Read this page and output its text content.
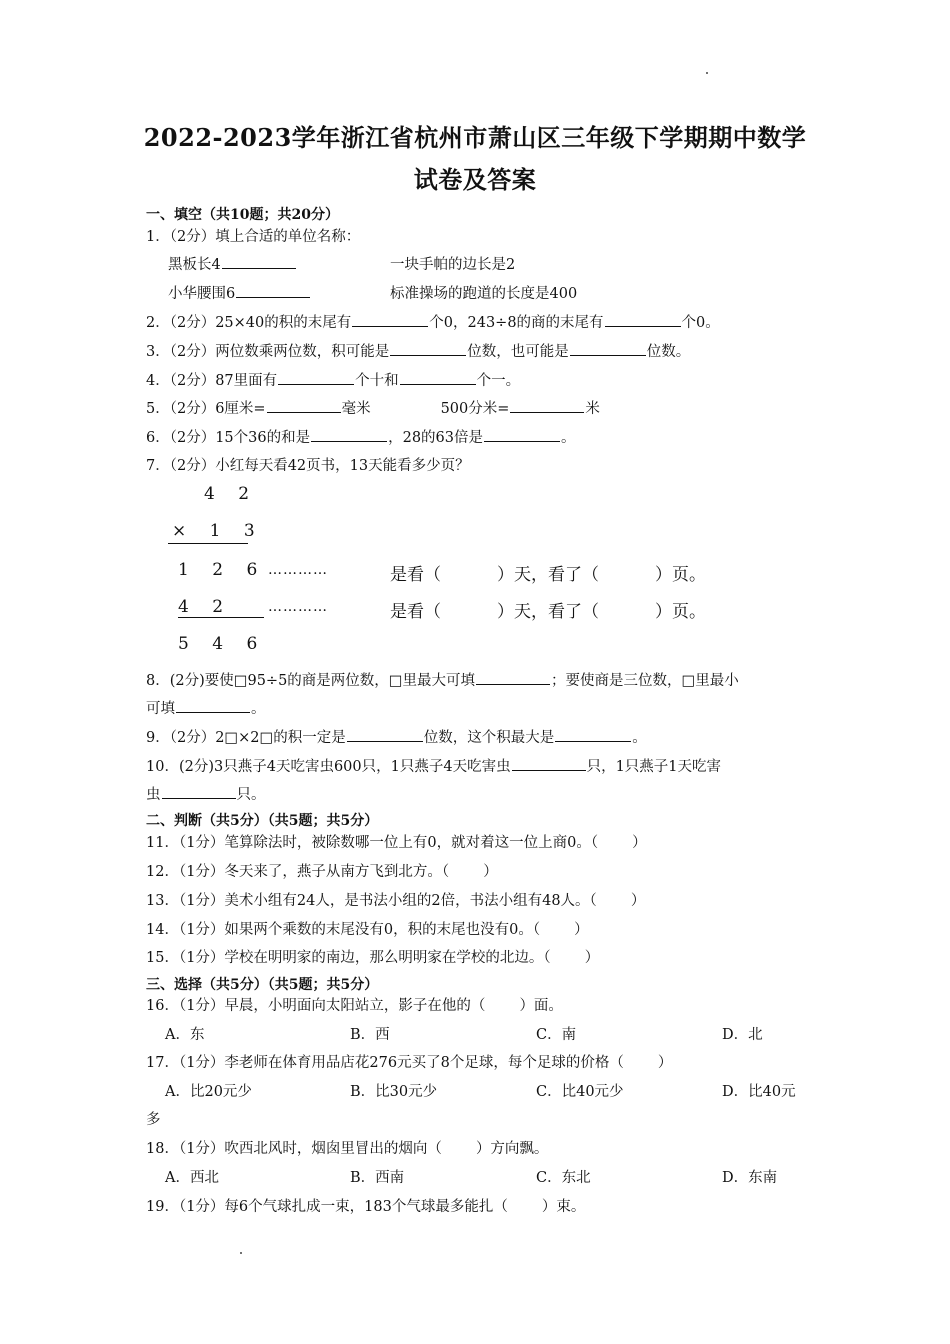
2022-2023学年浙江省杭州市萧山区三年级下学期期中数学
试卷及答案
一、填空（共10题；共20分）
1．（2分）填上合适的单位名称：
黑板长4	一块手帕的边长是2
小华腰围6	标准操场的跑道的长度是400
2．（2分）25×40的积的末尾有	个0，243÷8的商的末尾有	个0。
3．（2分）两位数乘两位数，积可能是	位数，也可能是	位数。
4．（2分）87里面有	个十和	个一。
5．（2分）6厘米=	毫米	500分米=	米
6．（2分）15个36的和是	，28的63倍是	。
7．（2分）小红每天看42页书，13天能看多少页？
4 2
× 1 3
1 2 6 …………	是看（	）天，看了（	）页。
4 2	…………	是看（	）天，看了（	）页。
5 4 6
8．(2分)要使□95÷5的商是两位数，□里最大可填	；要使商是三位数，□里最小
可填	。
9．（2分）2□×2□的积一定是	位数，这个积最大是	。
10．(2分)3只燕子4天吃害虫600只，1只燕子4天吃害虫	只，1只燕子1天吃害
虫	只。
二、判断（共5分）（共5题；共5分）
11．（1分）笔算除法时，被除数哪一位上有0，就对着这一位上商0。（ ）
12．（1分）冬天来了，燕子从南方飞到北方。（ ）
13．（1分）美术小组有24人，是书法小组的2倍，书法小组有48人。（ ）
14．（1分）如果两个乘数的末尾没有0，积的末尾也没有0。（ ）
15．（1分）学校在明明家的南边，那么明明家在学校的北边。（ ）
三、选择（共5分）（共5题；共5分）
16．（1分）早晨，小明面向太阳站立，影子在他的（ ）面。
A．东	B．西	C．南	D．北
17．（1分）李老师在体育用品店花276元买了8个足球，每个足球的价格（ ）
A．比20元少	B．比30元少	C．比40元少	D．比40元
多
18．（1分）吹西北风时，烟囱里冒出的烟向（ ）方向飘。
A．西北	B．西南	C．东北	D．东南
19．（1分）每6个气球扎成一束，183个气球最多能扎（ ）束。
